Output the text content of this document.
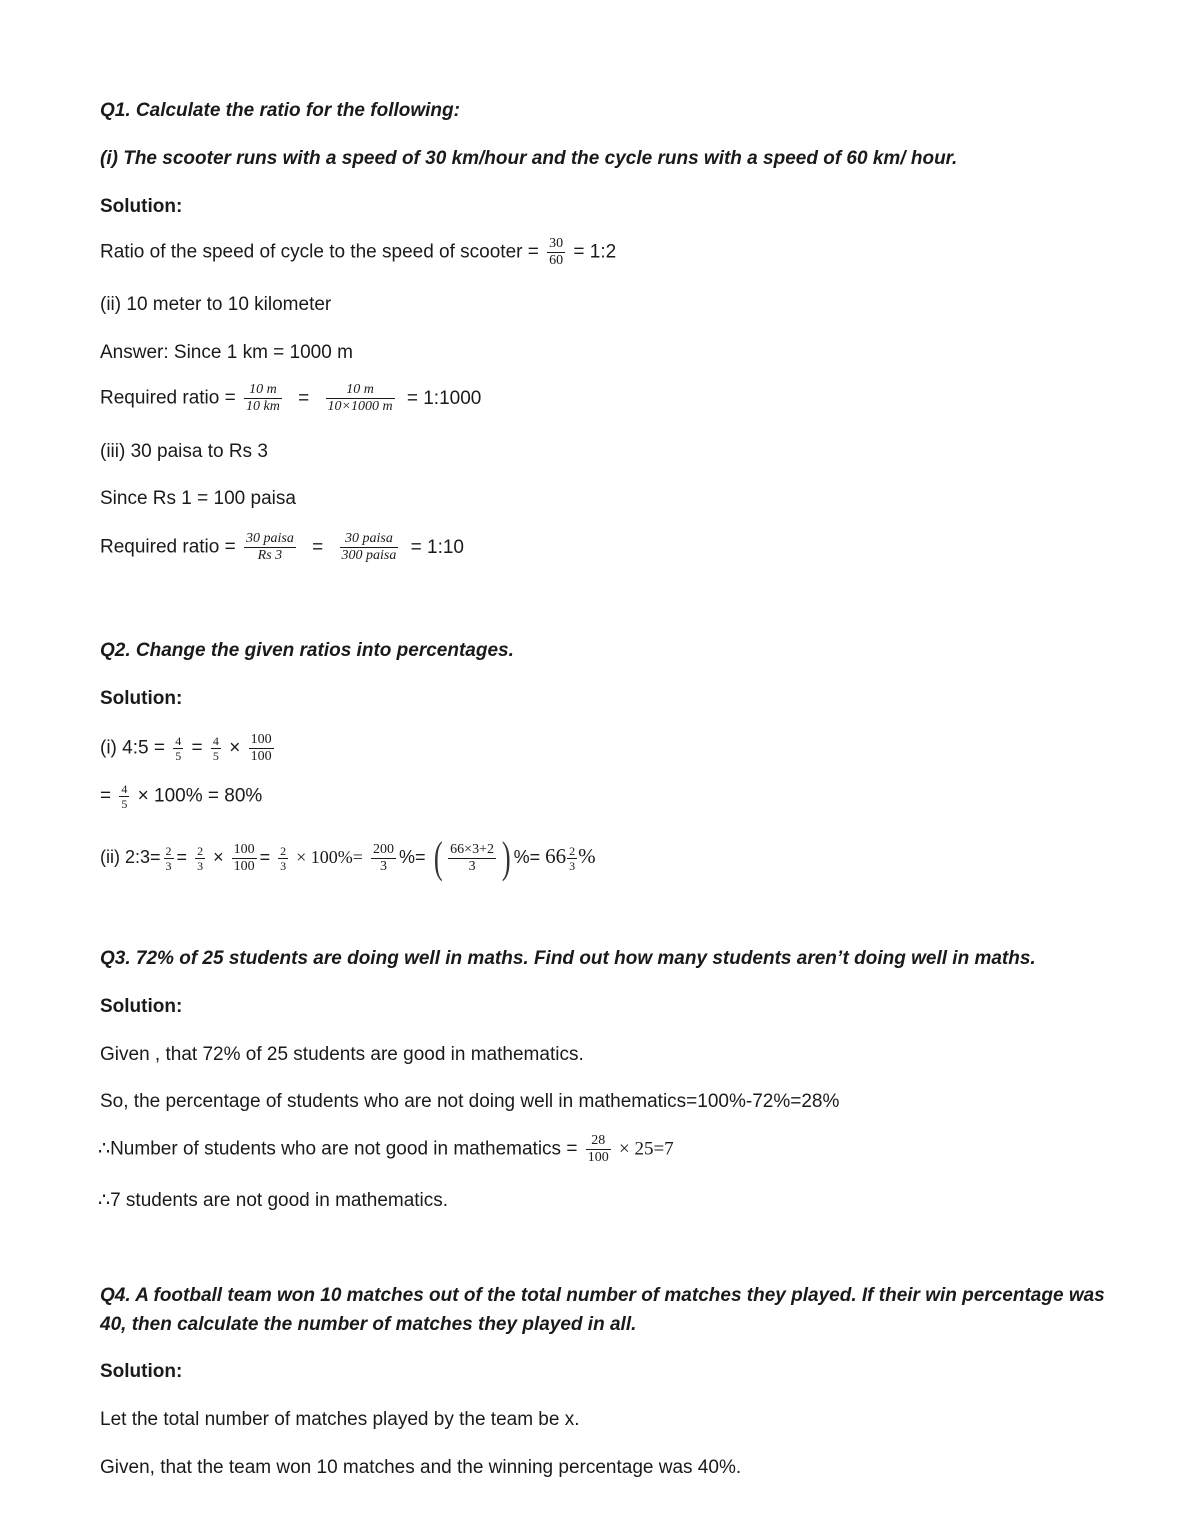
Q1. Calculate the ratio for the following:
(i) The scooter runs with a speed of 30 km/hour and the cycle runs with a speed of 60 km/ hour.
Solution:
Ratio of the speed of cycle to the speed of scooter = $\frac{30}{60}$ = 1:2
(ii) 10 meter to 10 kilometer
Answer: Since 1 km = 1000 m
Required ratio = $\frac{10 m}{10 km} = \frac{10 m}{10\times 1000 m}$ = 1:1000
(iii) 30 paisa to Rs 3
Since Rs 1 = 100 paisa
Required ratio = $\frac{\text{30 paisa}}{Rs 3} = \frac{\text{30 paisa}}{\text{300 paisa}}$ = 1:10
Q2. Change the given ratios into percentages.
Solution:
(i) 4:5 = $\frac{4}{5} = \frac{4}{5} \times \frac{100}{100}$
= $\frac{4}{5} \times 100\% = 80\%$
(ii) 2:3= $\frac{2}{3} = \frac{2}{3} \times \frac{100}{100} = \frac{2}{3} \times 100\%= \frac{200}{3}$ %= ( $\frac{66\times 3+2}{3}$ ) %= $66 \frac{2}{3}$ %
Q3. 72% of 25 students are doing well in maths. Find out how many students aren’t doing well in maths.
Solution:
Given , that 72% of 25 students are good in mathematics.
So, the percentage of students who are not doing well in mathematics=100%-72%=28%
∴Number of students who are not good in mathematics = $\frac{28}{100} \times 25=7$
∴7 students are not good in mathematics.
Q4. A football team won 10 matches out of the total number of matches they played. If their win percentage was
40, then calculate the number of matches they played in all.
Solution:
Let the total number of matches played by the team be x.
Given, that the team won 10 matches and the winning percentage was 40%.
